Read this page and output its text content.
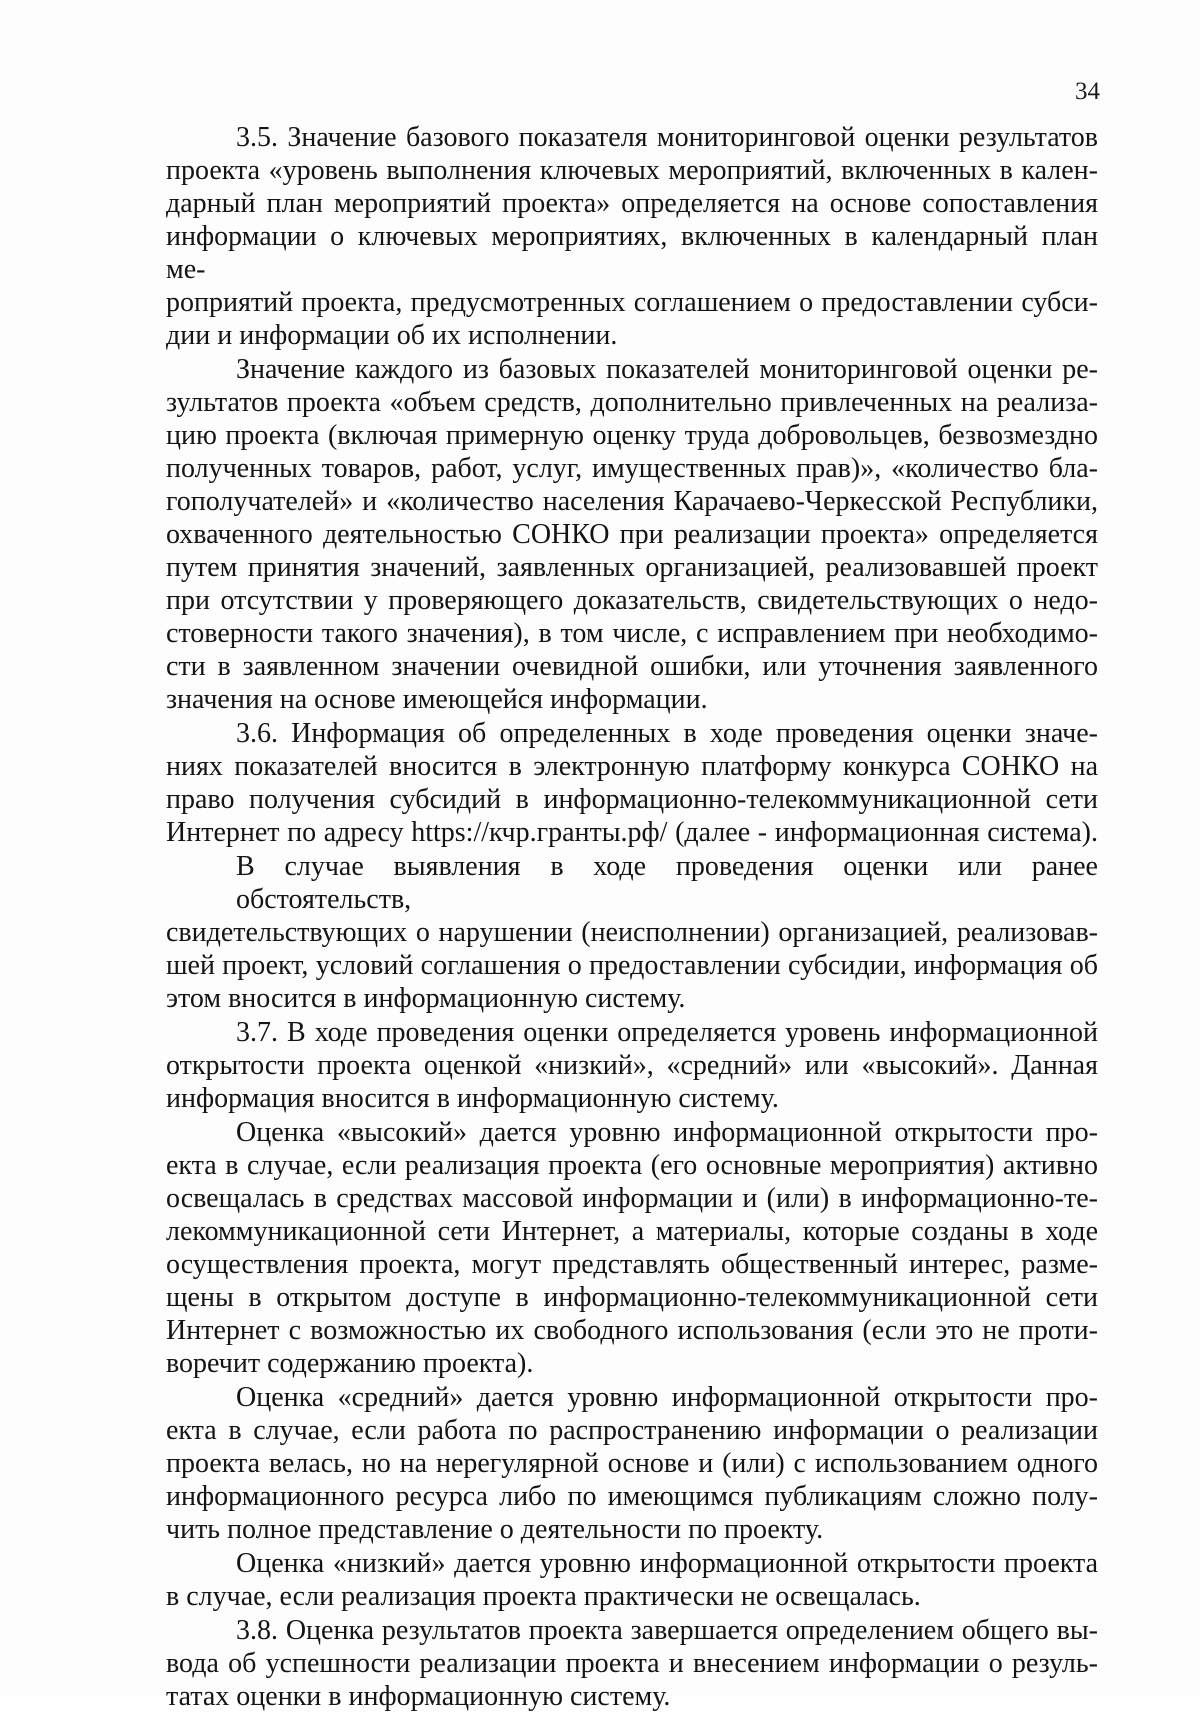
34
3.5. Значение базового показателя мониторинговой оценки результатов
проекта «уровень выполнения ключевых мероприятий, включенных в кален-
дарный план мероприятий проекта» определяется на основе сопоставления
информации о ключевых мероприятиях, включенных в календарный план ме-
роприятий проекта, предусмотренных соглашением о предоставлении субси-
дии и информации об их исполнении.
Значение каждого из базовых показателей мониторинговой оценки ре-
зультатов проекта «объем средств, дополнительно привлеченных на реализа-
цию проекта (включая примерную оценку труда добровольцев, безвозмездно
полученных товаров, работ, услуг, имущественных прав)», «количество бла-
гополучателей» и «количество населения Карачаево-Черкесской Республики,
охваченного деятельностью СОНКО при реализации проекта» определяется
путем принятия значений, заявленных организацией, реализовавшей проект
при отсутствии у проверяющего доказательств, свидетельствующих о недо-
стоверности такого значения), в том числе, с исправлением при необходимо-
сти в заявленном значении очевидной ошибки, или уточнения заявленного
значения на основе имеющейся информации.
3.6. Информация об определенных в ходе проведения оценки значе-
ниях показателей вносится в электронную платформу конкурса СОНКО на
право получения субсидий в информационно-телекоммуникационной сети
Интернет по адресу https://кчр.гранты.рф/ (далее - информационная система).
В случае выявления в ходе проведения оценки или ранее обстоятельств,
свидетельствующих о нарушении (неисполнении) организацией, реализовав-
шей проект, условий соглашения о предоставлении субсидии, информация об
этом вносится в информационную систему.
3.7. В ходе проведения оценки определяется уровень информационной
открытости проекта оценкой «низкий», «средний» или «высокий». Данная
информация вносится в информационную систему.
Оценка «высокий» дается уровню информационной открытости про-
екта в случае, если реализация проекта (его основные мероприятия) активно
освещалась в средствах массовой информации и (или) в информационно-те-
лекоммуникационной сети Интернет, а материалы, которые созданы в ходе
осуществления проекта, могут представлять общественный интерес, разме-
щены в открытом доступе в информационно-телекоммуникационной сети
Интернет с возможностью их свободного использования (если это не проти-
воречит содержанию проекта).
Оценка «средний» дается уровню информационной открытости про-
екта в случае, если работа по распространению информации о реализации
проекта велась, но на нерегулярной основе и (или) с использованием одного
информационного ресурса либо по имеющимся публикациям сложно полу-
чить полное представление о деятельности по проекту.
Оценка «низкий» дается уровню информационной открытости проекта
в случае, если реализация проекта практически не освещалась.
3.8. Оценка результатов проекта завершается определением общего вы-
вода об успешности реализации проекта и внесением информации о резуль-
татах оценки в информационную систему.
